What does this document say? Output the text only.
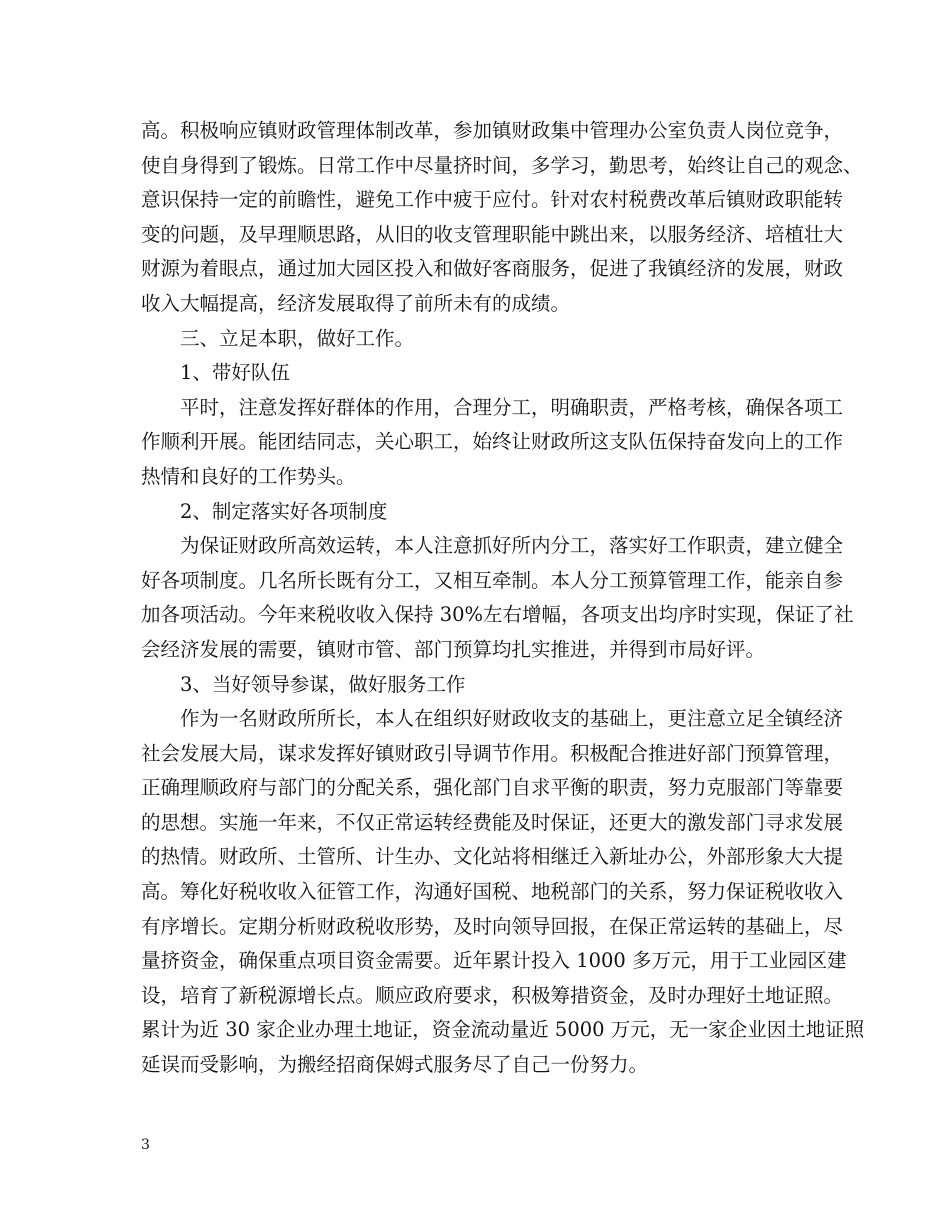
高。积极响应镇财政管理体制改革，参加镇财政集中管理办公室负责人岗位竞争，
使自身得到了锻炼。日常工作中尽量挤时间，多学习，勤思考，始终让自己的观念、
意识保持一定的前瞻性，避免工作中疲于应付。针对农村税费改革后镇财政职能转
变的问题，及早理顺思路，从旧的收支管理职能中跳出来，以服务经济、培植壮大
财源为着眼点，通过加大园区投入和做好客商服务，促进了我镇经济的发展，财政
收入大幅提高，经济发展取得了前所未有的成绩。
三、立足本职，做好工作。
1、带好队伍
平时，注意发挥好群体的作用，合理分工，明确职责，严格考核，确保各项工
作顺利开展。能团结同志，关心职工，始终让财政所这支队伍保持奋发向上的工作
热情和良好的工作势头。
2、制定落实好各项制度
为保证财政所高效运转，本人注意抓好所内分工，落实好工作职责，建立健全
好各项制度。几名所长既有分工，又相互牵制。本人分工预算管理工作，能亲自参
加各项活动。今年来税收收入保持 30%左右增幅，各项支出均序时实现，保证了社
会经济发展的需要，镇财市管、部门预算均扎实推进，并得到市局好评。
3、当好领导参谋，做好服务工作
作为一名财政所所长，本人在组织好财政收支的基础上，更注意立足全镇经济
社会发展大局，谋求发挥好镇财政引导调节作用。积极配合推进好部门预算管理，
正确理顺政府与部门的分配关系，强化部门自求平衡的职责，努力克服部门等靠要
的思想。实施一年来，不仅正常运转经费能及时保证，还更大的激发部门寻求发展
的热情。财政所、土管所、计生办、文化站将相继迁入新址办公，外部形象大大提
高。筹化好税收收入征管工作，沟通好国税、地税部门的关系，努力保证税收收入
有序增长。定期分析财政税收形势，及时向领导回报，在保正常运转的基础上，尽
量挤资金，确保重点项目资金需要。近年累计投入 1000 多万元，用于工业园区建
设，培育了新税源增长点。顺应政府要求，积极筹措资金，及时办理好土地证照。
累计为近 30 家企业办理土地证，资金流动量近 5000 万元，无一家企业因土地证照
延误而受影响，为搬经招商保姆式服务尽了自己一份努力。
3
